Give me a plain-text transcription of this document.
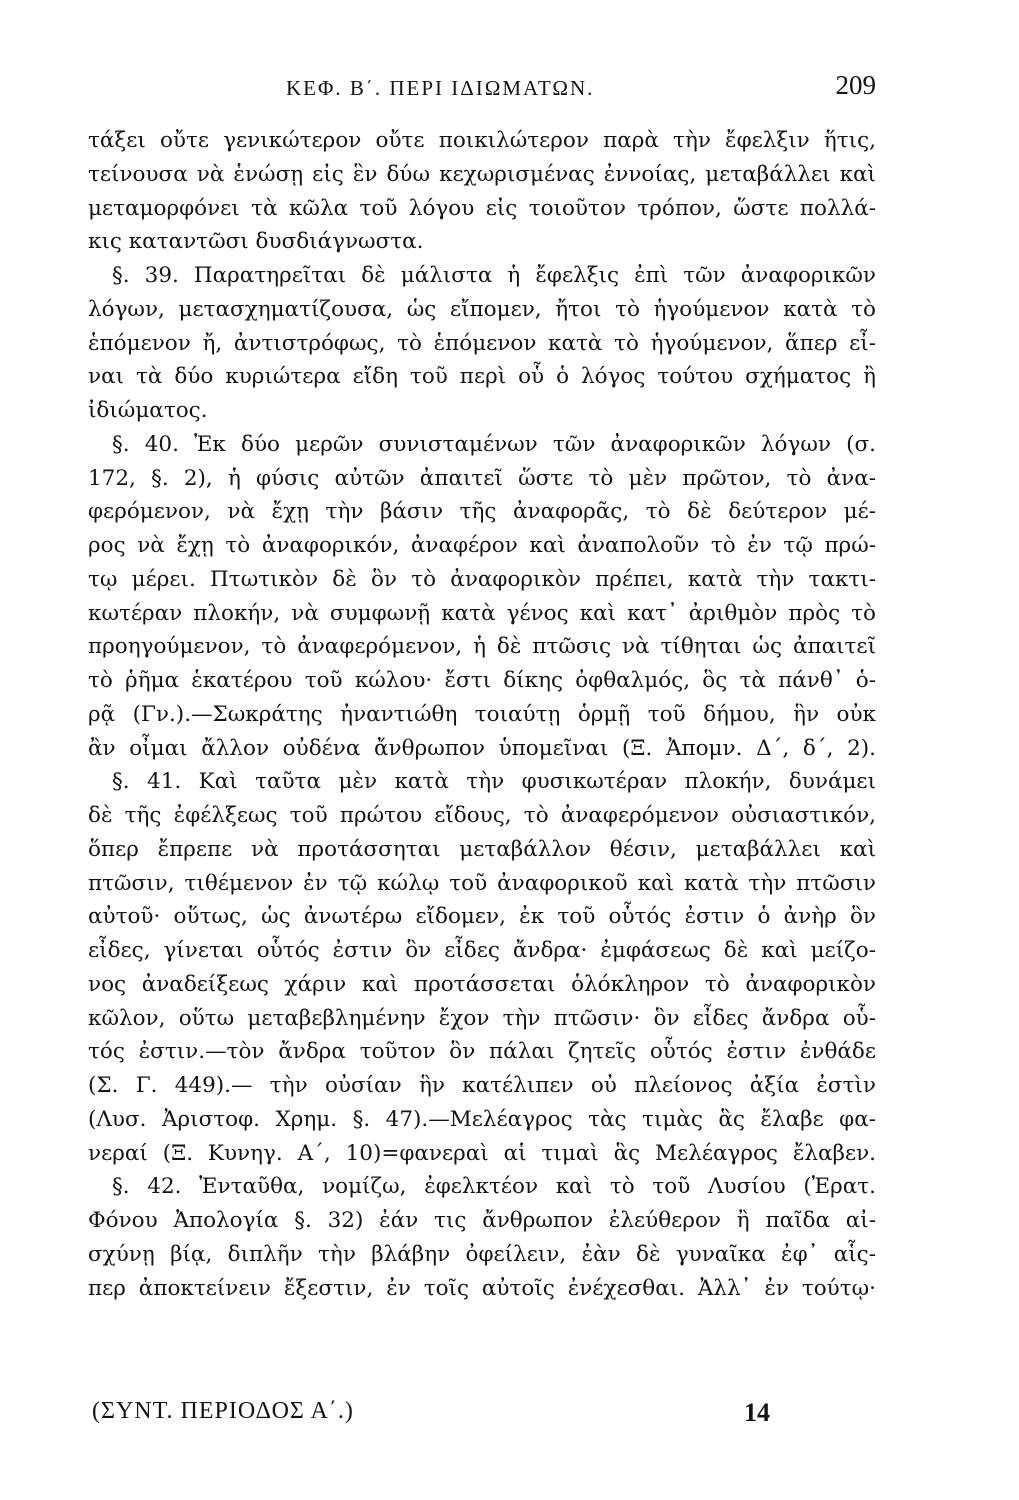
ΚΕΦ. Β΄. ΠΕΡΙ ΙΔΙΩΜΑΤΩΝ.	209
τάξει οὔτε γενικώτερον οὔτε ποικιλώτερον παρὰ τὴν ἔφελξιν ἥτις,
τείνουσα νὰ ἑνώσῃ εἰς ἓν δύω κεχωρισμένας ἐννοίας, μεταβάλλει καὶ
μεταμορφόνει τὰ κῶλα τοῦ λόγου εἰς τοιοῦτον τρόπον, ὥστε πολλά-
κις καταντῶσι δυσδιάγνωστα.
§. 39. Παρατηρεῖται δὲ μάλιστα ἡ ἔφελξις ἐπὶ τῶν ἀναφορικῶν
λόγων, μετασχηματίζουσα, ὡς εἴπομεν, ἤτοι τὸ ἡγούμενον κατὰ τὸ
ἑπόμενον ἤ, ἀντιστρόφως, τὸ ἑπόμενον κατὰ τὸ ἡγούμενον, ἅπερ εἶ-
ναι τὰ δύο κυριώτερα εἴδη τοῦ περὶ οὗ ὁ λόγος τούτου σχήματος ἢ
ἰδιώματος.
§. 40. Ἐκ δύο μερῶν συνισταμένων τῶν ἀναφορικῶν λόγων (σ.
172, §. 2), ἡ φύσις αὐτῶν ἀπαιτεῖ ὥστε τὸ μὲν πρῶτον, τὸ ἀνα-
φερόμενον, νὰ ἔχῃ τὴν βάσιν τῆς ἀναφορᾶς, τὸ δὲ δεύτερον μέ-
ρος νὰ ἔχῃ τὸ ἀναφορικόν, ἀναφέρον καὶ ἀναπολοῦν τὸ ἐν τῷ πρώ-
τῳ μέρει. Πτωτικὸν δὲ ὃν τὸ ἀναφορικὸν πρέπει, κατὰ τὴν τακτι-
κωτέραν πλοκήν, νὰ συμφωνῇ κατὰ γένος καὶ κατ᾽ ἀριθμὸν πρὸς τὸ
προηγούμενον, τὸ ἀναφερόμενον, ἡ δὲ πτῶσις νὰ τίθηται ὡς ἀπαιτεῖ
τὸ ῥῆμα ἑκατέρου τοῦ κώλου· ἔστι δίκης ὀφθαλμός, ὃς τὰ πάνθ᾽ ὁ-
ρᾷ (Γν.).—Σωκράτης ἠναντιώθη τοιαύτῃ ὁρμῇ τοῦ δήμου, ἣν οὐκ
ἂν οἶμαι ἄλλον οὐδένα ἄνθρωπον ὑπομεῖναι (Ξ. Ἀπομν. Δ΄, δ΄, 2).
§. 41. Καὶ ταῦτα μὲν κατὰ τὴν φυσικωτέραν πλοκήν, δυνάμει
δὲ τῆς ἐφέλξεως τοῦ πρώτου εἴδους, τὸ ἀναφερόμενον οὐσιαστικόν,
ὅπερ ἔπρεπε νὰ προτάσσηται μεταβάλλον θέσιν, μεταβάλλει καὶ
πτῶσιν, τιθέμενον ἐν τῷ κώλῳ τοῦ ἀναφορικοῦ καὶ κατὰ τὴν πτῶσιν
αὐτοῦ· οὕτως, ὡς ἀνωτέρω εἴδομεν, ἐκ τοῦ οὗτός ἐστιν ὁ ἀνὴρ ὃν
εἶδες, γίνεται οὗτός ἐστιν ὃν εἶδες ἄνδρα· ἐμφάσεως δὲ καὶ μείζο-
νος ἀναδείξεως χάριν καὶ προτάσσεται ὁλόκληρον τὸ ἀναφορικὸν
κῶλον, οὕτω μεταβεβλημένην ἔχον τὴν πτῶσιν· ὃν εἶδες ἄνδρα οὗ-
τός ἐστιν.—τὸν ἄνδρα τοῦτον ὃν πάλαι ζητεῖς οὗτός ἐστιν ἐνθάδε
(Σ. Γ. 449).— τὴν οὐσίαν ἣν κατέλιπεν οὐ πλείονος ἀξία ἐστὶν
(Λυσ. Ἀριστοφ. Χρημ. §. 47).—Μελέαγρος τὰς τιμὰς ἃς ἔλαβε φα-
νεραί (Ξ. Κυνηγ. Α΄, 10)=φανεραὶ αἱ τιμαὶ ἃς Μελέαγρος ἔλαβεν.
§. 42. Ἐνταῦθα, νομίζω, ἐφελκτέον καὶ τὸ τοῦ Λυσίου (Ἐρατ.
Φόνου Ἀπολογία §. 32) ἐάν τις ἄνθρωπον ἐλεύθερον ἢ παῖδα αἰ-
σχύνῃ βίᾳ, διπλῆν τὴν βλάβην ὀφείλειν, ἐὰν δὲ γυναῖκα ἐφ᾽ αἷς-
περ ἀποκτείνειν ἔξεστιν, ἐν τοῖς αὐτοῖς ἐνέχεσθαι. Ἀλλ᾽ ἐν τούτῳ·
(ΣΥΝΤ. ΠΕΡΙΟΔΟΣ Α΄.)	14
